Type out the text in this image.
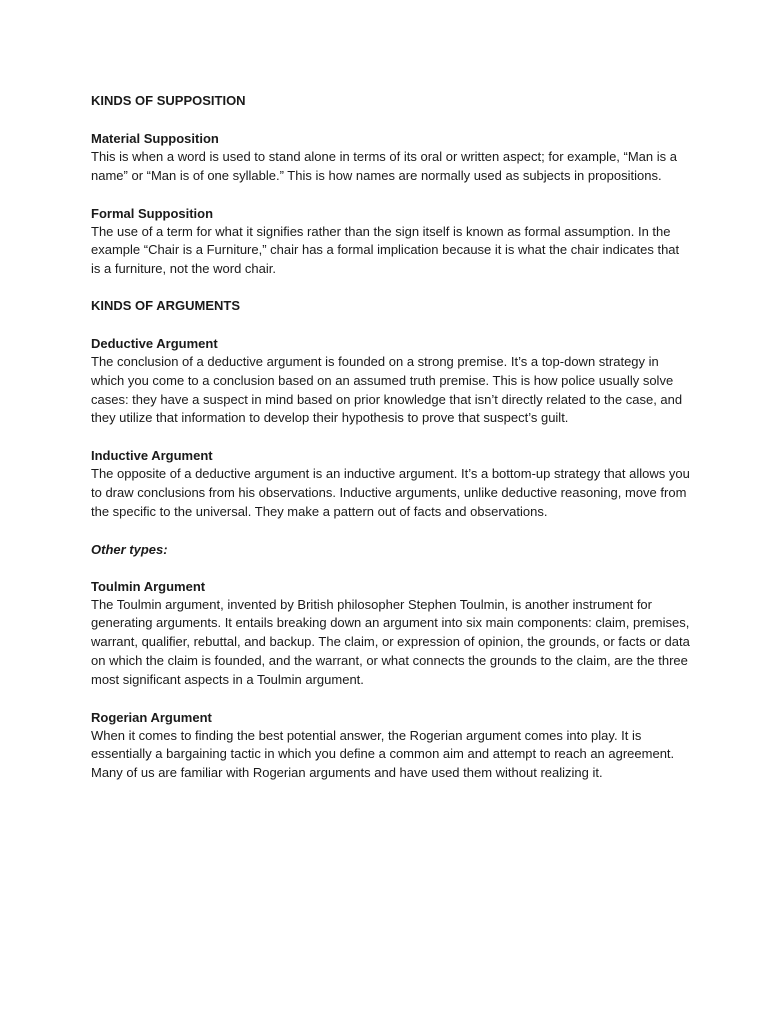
KINDS OF SUPPOSITION

Material Supposition

This is when a word is used to stand alone in terms of its oral or written aspect; for example, “Man is a name” or “Man is of one syllable.” This is how names are normally used as subjects in propositions.

Formal Supposition

The use of a term for what it signifies rather than the sign itself is known as formal assumption. In the example “Chair is a Furniture,” chair has a formal implication because it is what the chair indicates that is a furniture, not the word chair.

KINDS OF ARGUMENTS

Deductive Argument

The conclusion of a deductive argument is founded on a strong premise. It’s a top-down strategy in which you come to a conclusion based on an assumed truth premise. This is how police usually solve cases: they have a suspect in mind based on prior knowledge that isn’t directly related to the case, and they utilize that information to develop their hypothesis to prove that suspect’s guilt.

Inductive Argument

The opposite of a deductive argument is an inductive argument. It’s a bottom-up strategy that allows you to draw conclusions from his observations. Inductive arguments, unlike deductive reasoning, move from the specific to the universal. They make a pattern out of facts and observations.

Other types:

Toulmin Argument

The Toulmin argument, invented by British philosopher Stephen Toulmin, is another instrument for generating arguments. It entails breaking down an argument into six main components: claim, premises, warrant, qualifier, rebuttal, and backup. The claim, or expression of opinion, the grounds, or facts or data on which the claim is founded, and the warrant, or what connects the grounds to the claim, are the three most significant aspects in a Toulmin argument.

Rogerian Argument

When it comes to finding the best potential answer, the Rogerian argument comes into play. It is essentially a bargaining tactic in which you define a common aim and attempt to reach an agreement. Many of us are familiar with Rogerian arguments and have used them without realizing it.
